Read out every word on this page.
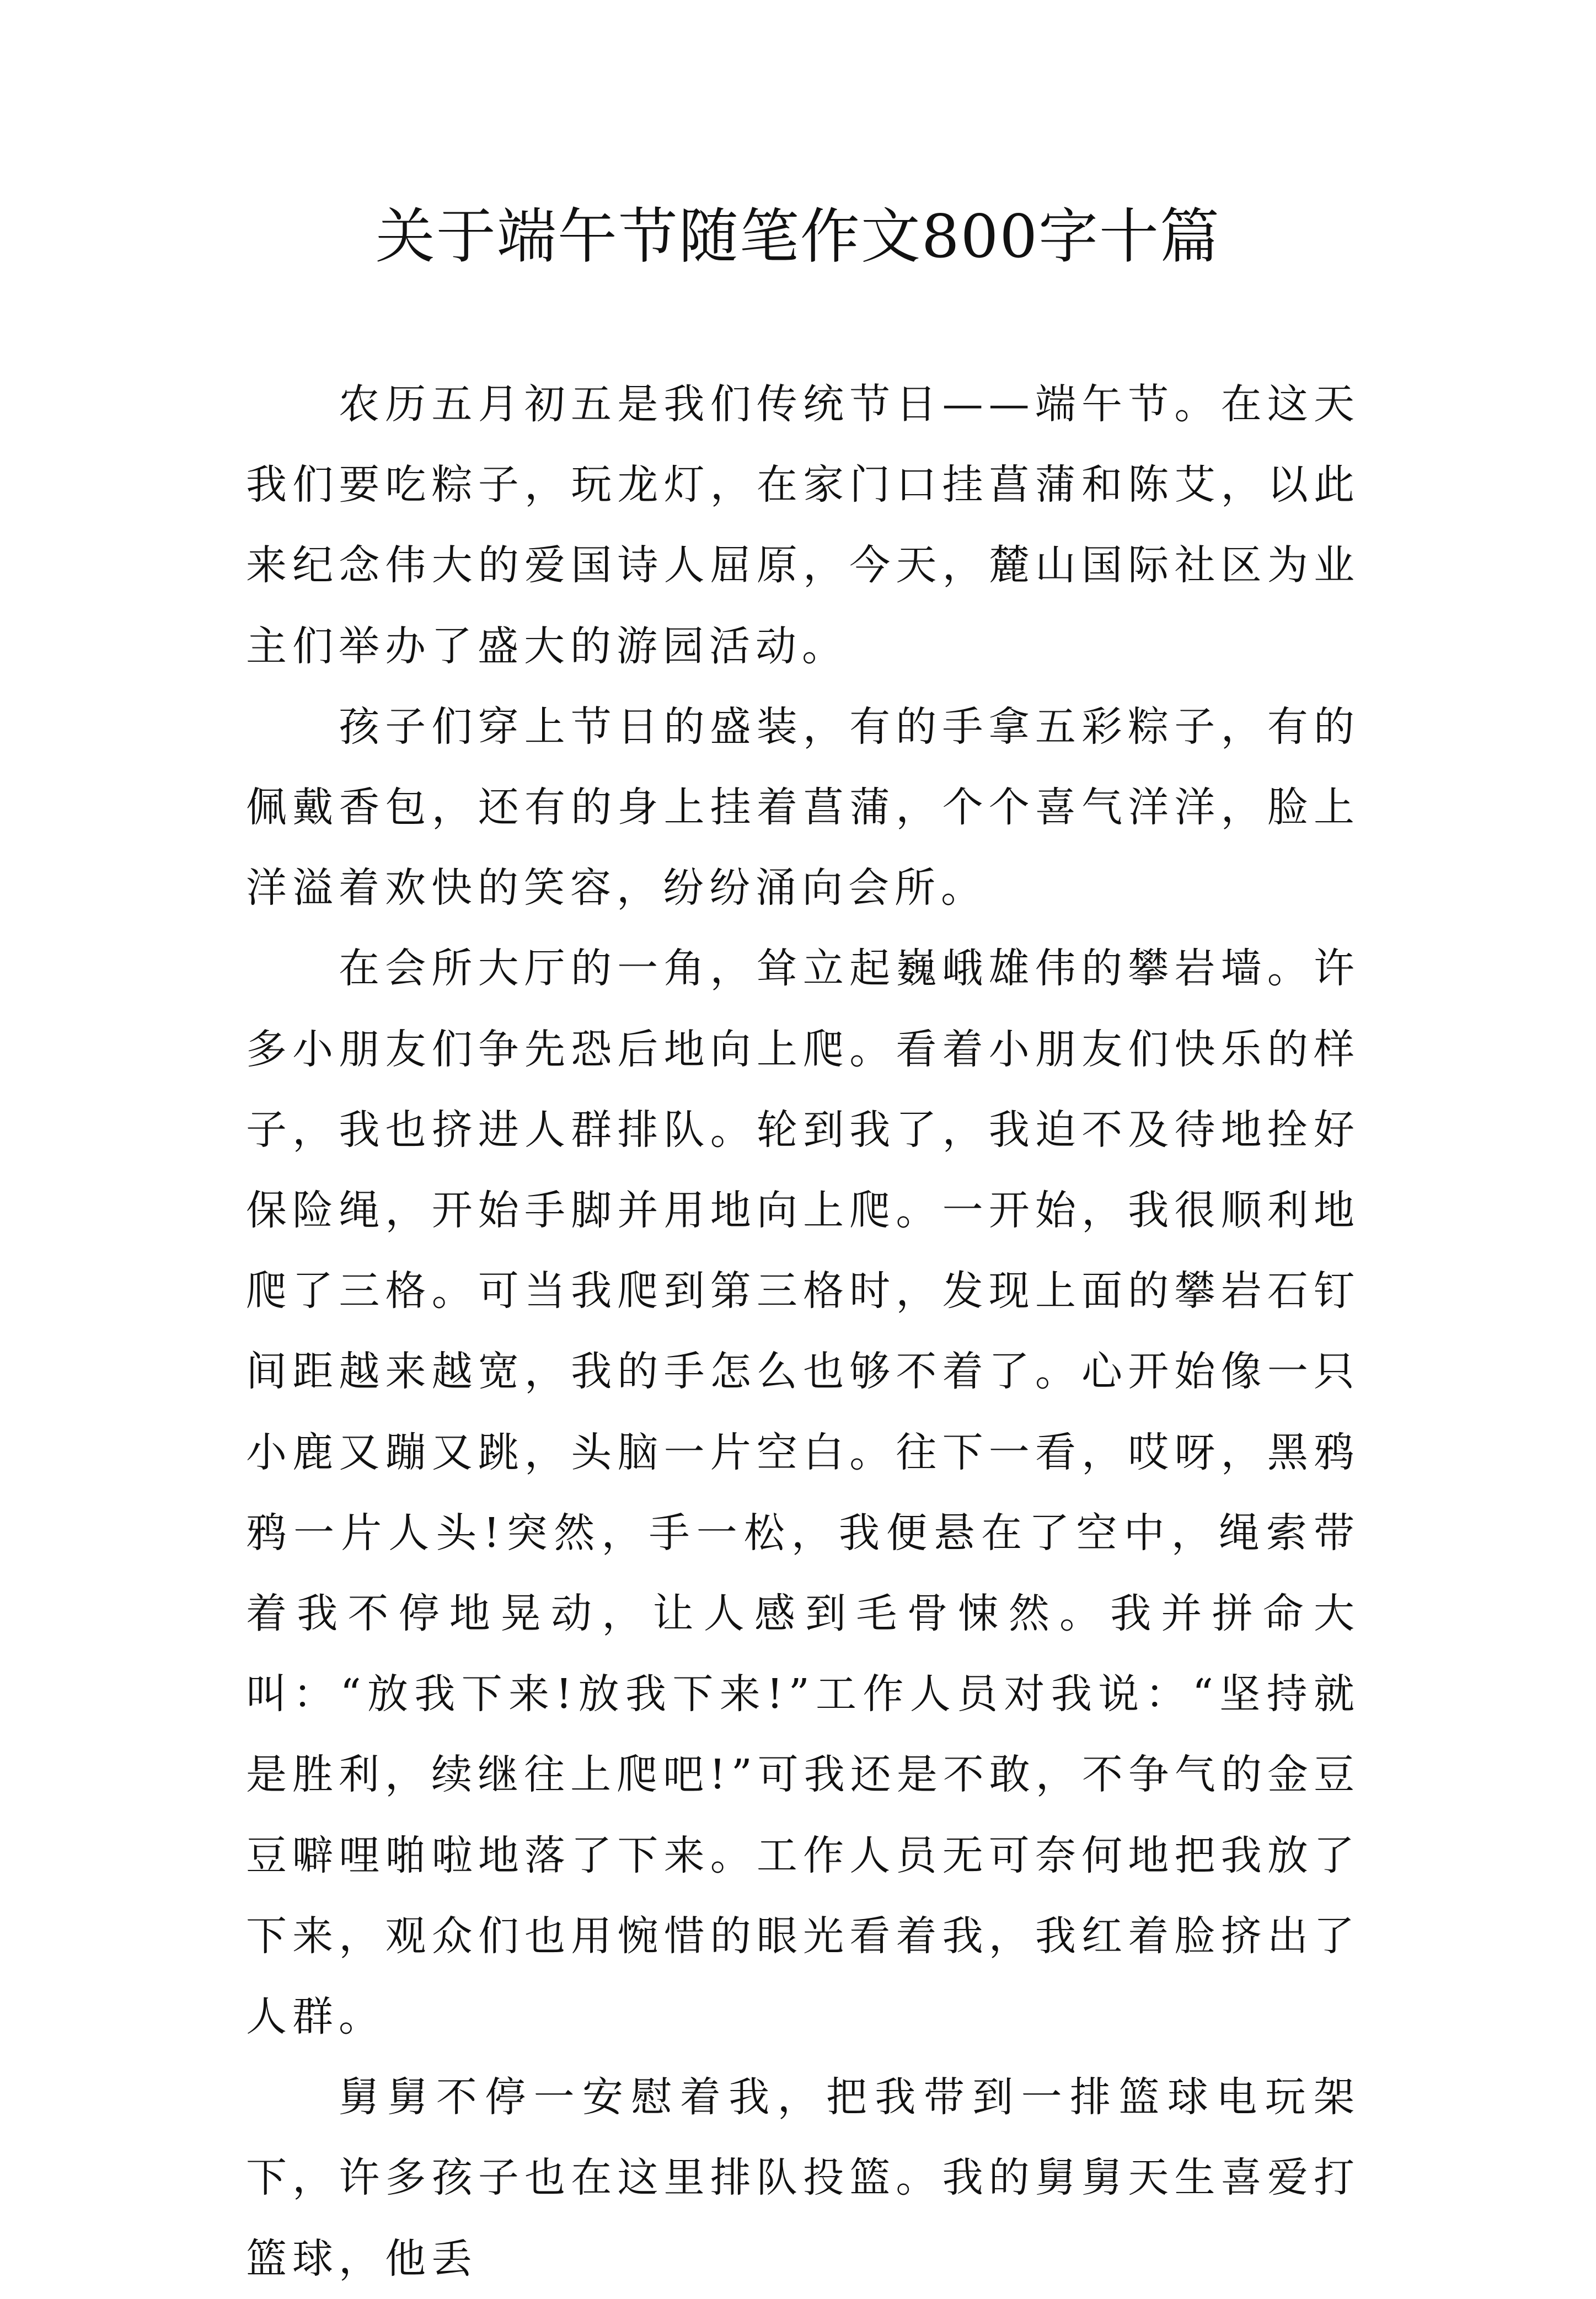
关于端午节随笔作文800字十篇

农历五月初五是我们传统节日——端午节。在这天我们要吃粽子，玩龙灯，在家门口挂菖蒲和陈艾，以此来纪念伟大的爱国诗人屈原，今天，麓山国际社区为业主们举办了盛大的游园活动。

孩子们穿上节日的盛装，有的手拿五彩粽子，有的佩戴香包，还有的身上挂着菖蒲，个个喜气洋洋，脸上洋溢着欢快的笑容，纷纷涌向会所。

在会所大厅的一角，耸立起巍峨雄伟的攀岩墙。许多小朋友们争先恐后地向上爬。看着小朋友们快乐的样子，我也挤进人群排队。轮到我了，我迫不及待地拴好保险绳，开始手脚并用地向上爬。一开始，我很顺利地爬了三格。可当我爬到第三格时，发现上面的攀岩石钉间距越来越宽，我的手怎么也够不着了。心开始像一只小鹿又蹦又跳，头脑一片空白。往下一看，哎呀，黑鸦鸦一片人头!突然，手一松，我便悬在了空中，绳索带着我不停地晃动，让人感到毛骨悚然。我并拼命大叫：“放我下来!放我下来!”工作人员对我说：“坚持就是胜利，续继往上爬吧!”可我还是不敢，不争气的金豆豆噼哩啪啦地落了下来。工作人员无可奈何地把我放了下来，观众们也用惋惜的眼光看着我，我红着脸挤出了人群。

舅舅不停一安慰着我，把我带到一排篮球电玩架下，许多孩子也在这里排队投篮。我的舅舅天生喜爱打篮球，他丢
